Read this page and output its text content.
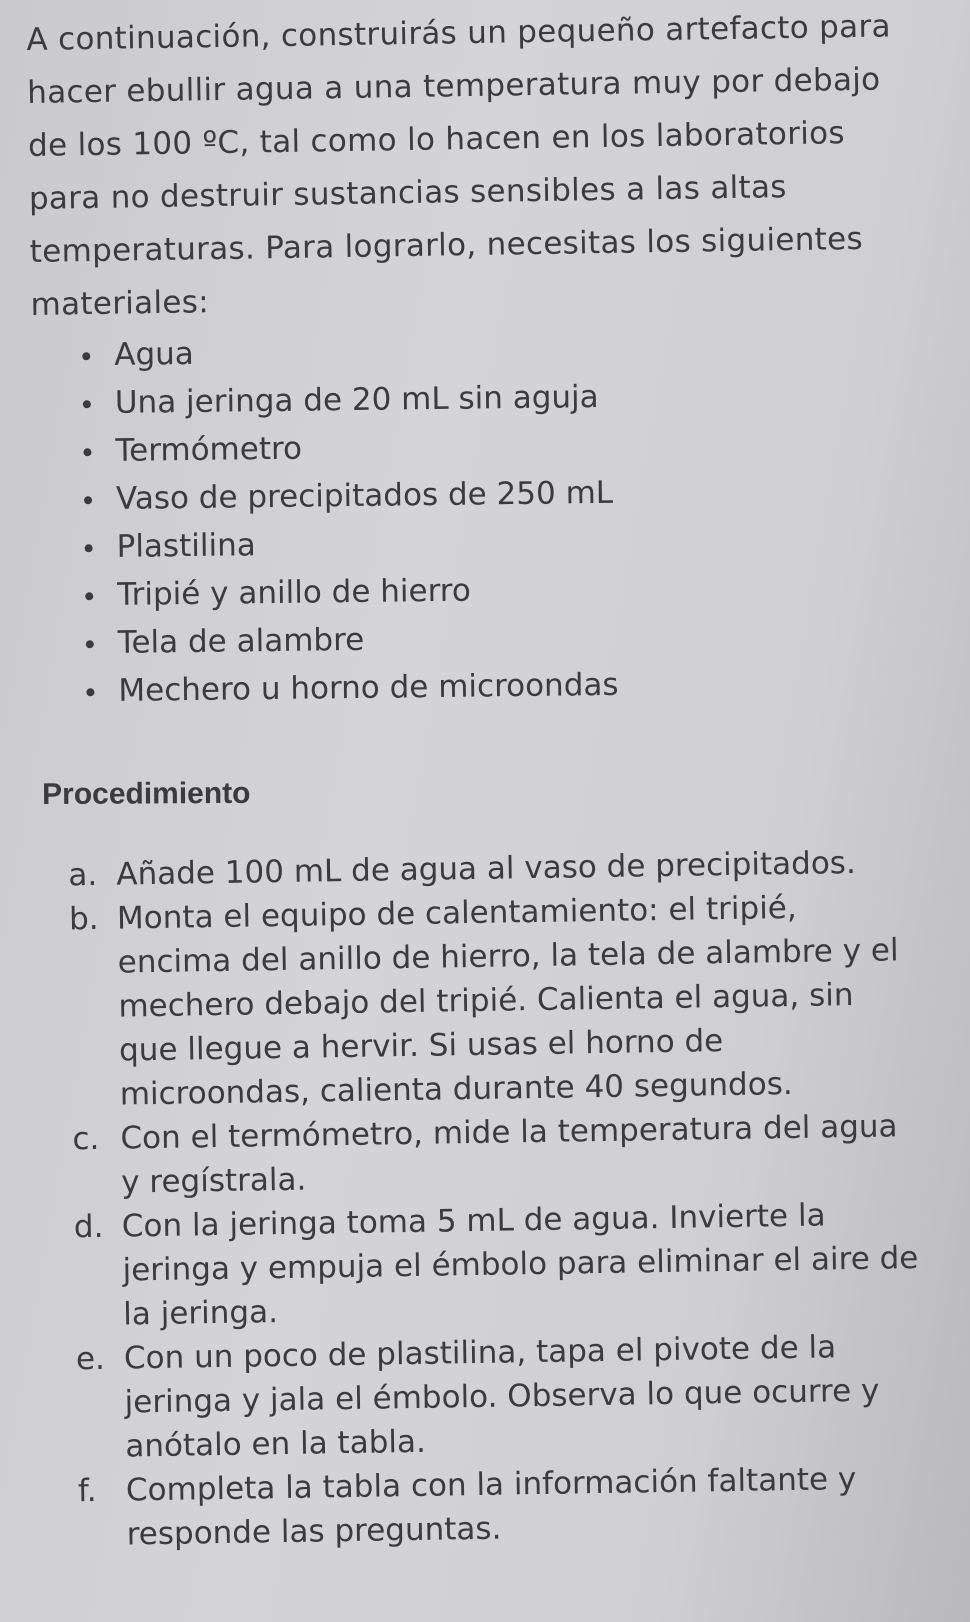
A continuación, construirás un pequeño artefacto para hacer ebullir agua a una temperatura muy por debajo de los 100 ºC, tal como lo hacen en los laboratorios para no destruir sustancias sensibles a las altas temperaturas. Para lograrlo, necesitas los siguientes materiales:

Agua
Una jeringa de 20 mL sin aguja
Termómetro
Vaso de precipitados de 250 mL
Plastilina
Tripié y anillo de hierro
Tela de alambre
Mechero u horno de microondas
Procedimiento
a. Añade 100 mL de agua al vaso de precipitados.
b. Monta el equipo de calentamiento: el tripié, encima del anillo de hierro, la tela de alambre y el mechero debajo del tripié. Calienta el agua, sin que llegue a hervir. Si usas el horno de microondas, calienta durante 40 segundos.
c. Con el termómetro, mide la temperatura del agua y regístrala.
d. Con la jeringa toma 5 mL de agua. Invierte la jeringa y empuja el émbolo para eliminar el aire de la jeringa.
e. Con un poco de plastilina, tapa el pivote de la jeringa y jala el émbolo. Observa lo que ocurre y anótalo en la tabla.
f. Completa la tabla con la información faltante y responde las preguntas.
